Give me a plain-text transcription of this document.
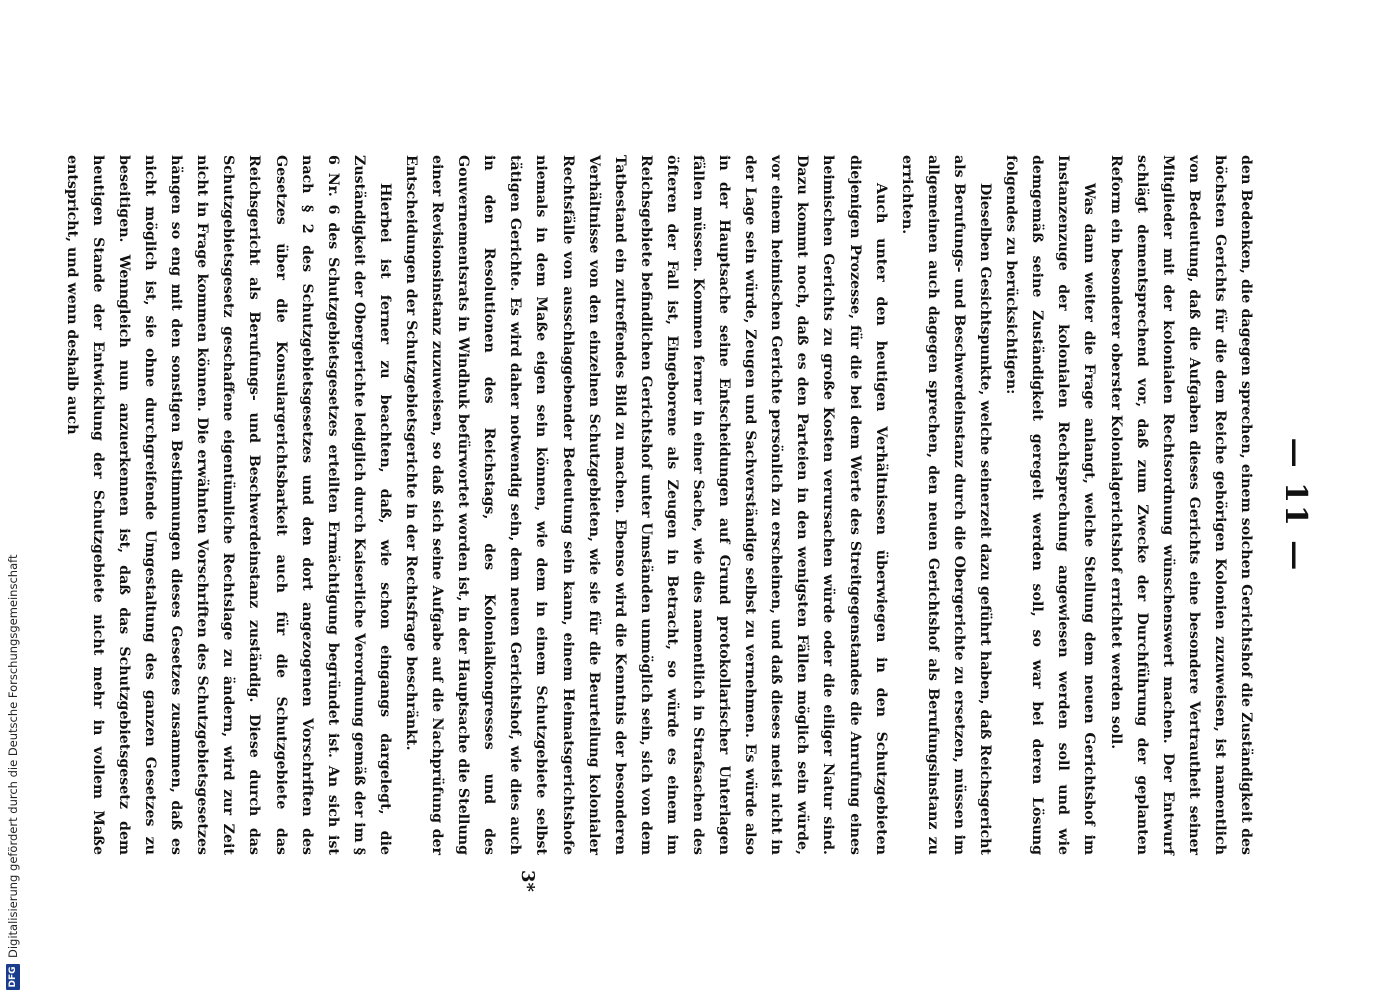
— 11 —

den Bedenken, die dagegen sprechen, einem solchen Gerichtshof die Zuständigkeit des höchsten Gerichts für die dem Reiche gehörigen Kolonien zuzuweisen, ist namentlich von Bedeutung, daß die Aufgaben dieses Gerichts eine besondere Vertrautheit seiner Mitglieder mit der kolonialen Rechtsordnung wünschenswert machen. Der Entwurf schlägt dementsprechend vor, daß zum Zwecke der Durchführung der geplanten Reform ein besonderer oberster Kolonialgerichtshof errichtet werden soll.

Was dann weiter die Frage anlangt, welche Stellung dem neuen Gerichtshof im Instanzenzuge der kolonialen Rechtsprechung angewiesen werden soll und wie demgemäß seine Zuständigkeit geregelt werden soll, so war bei deren Lösung folgendes zu berücksichtigen:

Dieselben Gesichtspunkte, welche seinerzeit dazu geführt haben, daß Reichsgericht als Berufungs- und Beschwerdeinstanz durch die Obergerichte zu ersetzen, müssen im allgemeinen auch dagegen sprechen, den neuen Gerichtshof als Berufungsinstanz zu errichten.

Auch unter den heutigen Verhältnissen überwiegen in den Schutzgebieten diejenigen Prozesse, für die bei dem Werte des Streitgegenstandes die Anrufung eines heimischen Gerichts zu große Kosten verursachen würde oder die eiliger Natur sind. Dazu kommt noch, daß es den Parteien in den wenigsten Fällen möglich sein würde, vor einem heimischen Gerichte persönlich zu erscheinen, und daß dieses meist nicht in der Lage sein würde, Zeugen und Sachverständige selbst zu vernehmen. Es würde also in der Hauptsache seine Entscheidungen auf Grund protokollarischer Unterlagen fällen müssen. Kommen ferner in einer Sache, wie dies namentlich in Strafsachen des öfteren der Fall ist, Eingeborene als Zeugen in Betracht, so würde es einem im Reichsgebiete befindlichen Gerichtshof unter Umständen unmöglich sein, sich von dem Tatbestand ein zutreffendes Bild zu machen. Ebenso wird die Kenntnis der besonderen Verhältnisse von den einzelnen Schutzgebieten, wie sie für die Beurteilung kolonialer Rechtsfälle von ausschlaggebender Bedeutung sein kann, einem Heimatsgerichtshofe niemals in dem Maße eigen sein können, wie dem in einem Schutzgebiete selbst tätigen Gerichte. Es wird daher notwendig sein, dem neuen Gerichtshof, wie dies auch in den Resolutionen des Reichstags, des Kolonialkongresses und des Gouvernementsrats in Windhuk befürwortet worden ist, in der Hauptsache die Stellung einer Revisionsinstanz zuzuweisen, so daß sich seine Aufgabe auf die Nachprüfung der Entscheidungen der Schutzgebietsgerichte in der Rechtsfrage beschränkt.

Hierbei ist ferner zu beachten, daß, wie schon eingangs dargelegt, die Zuständigkeit der Obergerichte lediglich durch Kaiserliche Verordnung gemäß der im § 6 Nr. 6 des Schutzgebietsgesetzes erteilten Ermächtigung begründet ist. An sich ist nach § 2 des Schutzgebietsgesetzes und den dort angezogenen Vorschriften des Gesetzes über die Konsulargerichtsbarkeit auch für die Schutzgebiete das Reichsgericht als Berufungs- und Beschwerdeinstanz zuständig. Diese durch das Schutzgebietsgesetz geschaffene eigentümliche Rechtslage zu ändern, wird zur Zeit nicht in Frage kommen können. Die erwähnten Vorschriften des Schutzgebietsgesetzes hängen so eng mit den sonstigen Bestimmungen dieses Gesetzes zusammen, daß es nicht möglich ist, sie ohne durchgreifende Umgestaltung des ganzen Gesetzes zu beseitigen. Wenngleich nun anzuerkennen ist, daß das Schutzgebietsgesetz dem heutigen Stande der Entwicklung der Schutzgebiete nicht mehr in vollem Maße entspricht, und wenn deshalb auch

3*
DFG
Digitalisierung gefördert durch die Deutsche Forschungsgemeinschaft
